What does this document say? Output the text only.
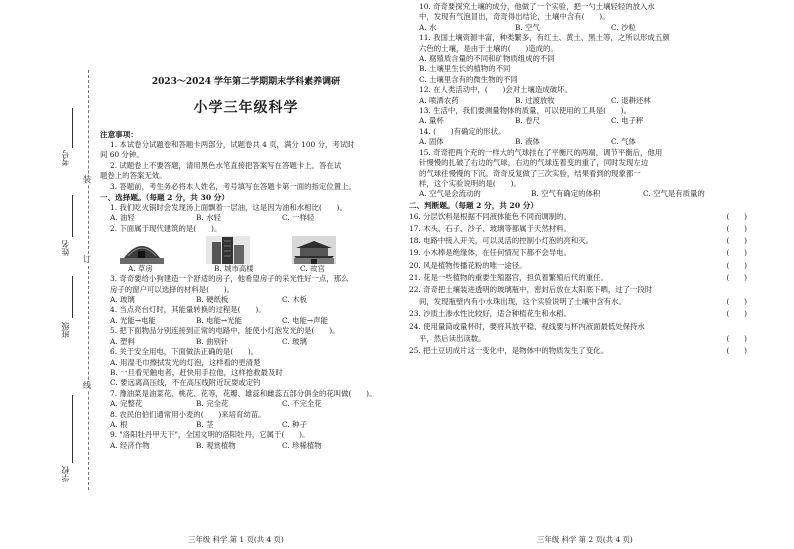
考号
姓名
班级
学校
装
订
线
2023～2024 学年第二学期期末学科素养调研
小学三年级科学
注意事项：
1. 本试卷分试题卷和答题卡两部分，试题卷共 4 页，满分 100 分，考试时
间 60 分钟。
2. 试题卷上不要答题，请用黑色水笔直接把答案写在答题卡上。答在试
题卷上的答案无效。
3. 答题前，考生务必将本人姓名，考号填写在答题卡第一面的指定位置上。
一、选择题。（每题 2 分，共 30 分）
1. 我们吃火锅时会发现汤上面飘着一层油，这是因为油和水相比(　　)。
A. 油轻	B. 水轻	C. 一样轻
2. 下面属于现代建筑的是(　　)。
A. 草房	B. 城市高楼	C. 故宫
3. 奇奇要给小狗建造一个舒适的房子，他希望房子的采光性好一点，那么
房子的窗户可以选择的材料是(　　)。
A. 玻璃	B. 硬纸板	C. 木板
4. 当点亮台灯时，其能量转换的过程是(　　)。
A. 光能→电能	B. 电能→光能	C. 电能→声能
5. 把下面物品分别连接到正常的电路中，能使小灯泡发光的是(　　)。
A. 塑料	B. 曲别针	C. 玻璃
6. 关于安全用电，下面做法正确的是(　　)。
A. 用湿毛巾擦拭发光的灯泡，这样看的更清楚
B. 一旦看见触电者，赶快用手拉他，这样抢救最及时
C. 要远离高压线，不在高压线附近玩耍或定钓
7. 豫油菜是油菜花、桃花、花等，花瓣、雄蕊和雌蕊五部分俱全的花叫做(　　)。
A. 完整花	B. 完全花	C. 不完全花
8. 农民伯伯们通常用小麦的(　　)来培育幼苗。
A. 根	B. 茎	C. 种子
9. "洛阳牡丹甲天下"，全国文明的洛阳牡丹，它属于(　　)。
A. 经济作物	B. 观赏植物	C. 珍稀植物
三年级 科学 第 1 页(共 4 页)
10. 奇奇要探究土壤的成分，他做了一个实验，把一勺土壤轻轻的放入水
中，发现有气泡冒出，奇奇得出结论，土壤中含有(　　)。
A. 水	B. 空气	C. 沙粒
11. 我国土壤资源丰富，种类繁多，有红土、黄土、黑土等，之所以形成五颜
六色的土壤，是由于土壤的(　　)造成的。
A. 腐殖质含量的不同和矿物质组成的不同
B. 土壤里生长的植物的不同
C. 土壤里含有的微生物的不同
12. 在人类活动中，(　　)会对土壤造成破坏。
A. 喷洒农药	B. 过渡放牧	C. 退耕还林
13. 生活中，我们要测量物体的质量，可以使用的工具是(　　)。
A. 量杯	B. 卷尺	C. 电子秤
14. (　　)有确定的形状。
A. 固体	B. 液体	C. 气体
15. 奇奇把两个充的一样大的气球挂在了平衡尺的两端，调节平衡后，他用
针慢慢的扎破了右边的气球，右边的气球连着变的重了，同时发现左边
的气球往慢慢的下沉。奇奇反复做了三次实验，结果看到的现象都一
样，这个实验说明的是(　　)。
A. 空气是会流动的	B. 空气有确定的体积	C. 空气是有质量的
二、判断题。（每题 2 分，共 20 分）
16. 分层饮料是根据不同液体能色不同而调制的。	(　　)
17. 木头、石子、沙子、玻璃等都属于天然材料。	(　　)
18. 电路中接入开关，可以灵活的控制小灯泡的亮和灭。	(　　)
19. 小木棒是绝缘体，在任何情况下都不会导电。	(　　)
20. 风是植物传播花粉的唯一途径。	(　　)
21. 花是一些植物的重要生殖器官，担负着繁殖后代的重任。	(　　)
22. 奇奇把土壤装进透明的玻璃瓶中，密封后放在太阳底下晒，过了一段时
间，发现瓶壁内有小水珠出现，这个实验说明了土壤中含有水。	(　　)
23. 沙质土渗水性比较好，适合种植花生和水稻。	(　　)
24. 使用量筒或量杯时，要将其放平稳，视线要与杯内液面最低处保持水
平，然后读出读数。	(　　)
25. 把土豆切成片这一变化中，是物体中的物质发生了变化。	(　　)
三年级 科学 第 2 页(共 4 页)
